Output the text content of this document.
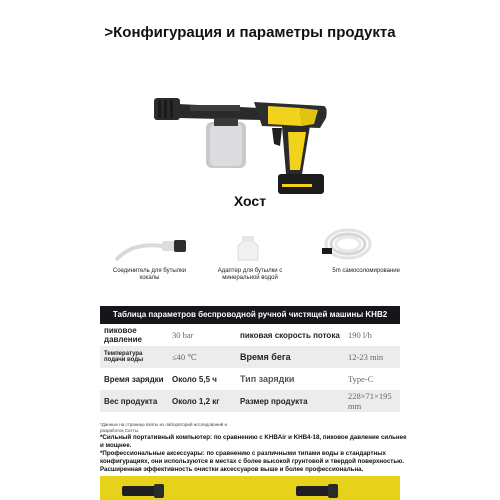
>Конфигурация и параметры продукта
Хост
Соединитель для бутылки кокалы
Адаптер для бутылки с минеральной водой
5m самосоломирование
Таблица параметров беспроводной ручной чистящей машины KHB2
пиковое давление	30 bar	пиковая скорость потока	190 l/h
Температура подачи воды	≤40 ℃	Время бега	12-23 min
Время зарядки	Около 5,5 ч	Тип зарядки	Type-C
Вес продукта	Около 1,2 кг	Размер продукта	228×71×195 mm
*Данные на странице взяты из лабораторий исследований и разработок Сатты.
*Сильный портативный компьютер: по сравнению с KHBAir и KHB4-18, пиковое давление сильнее и мощнее.
*Профессиональные аксессуары: по сравнению с различными типами воды в стандартных конфигурациях, они используются в местах с более высокой грунтовой и твердой поверхностью. Расширенная эффективность очистки аксессуаров выше и более профессиональна.
